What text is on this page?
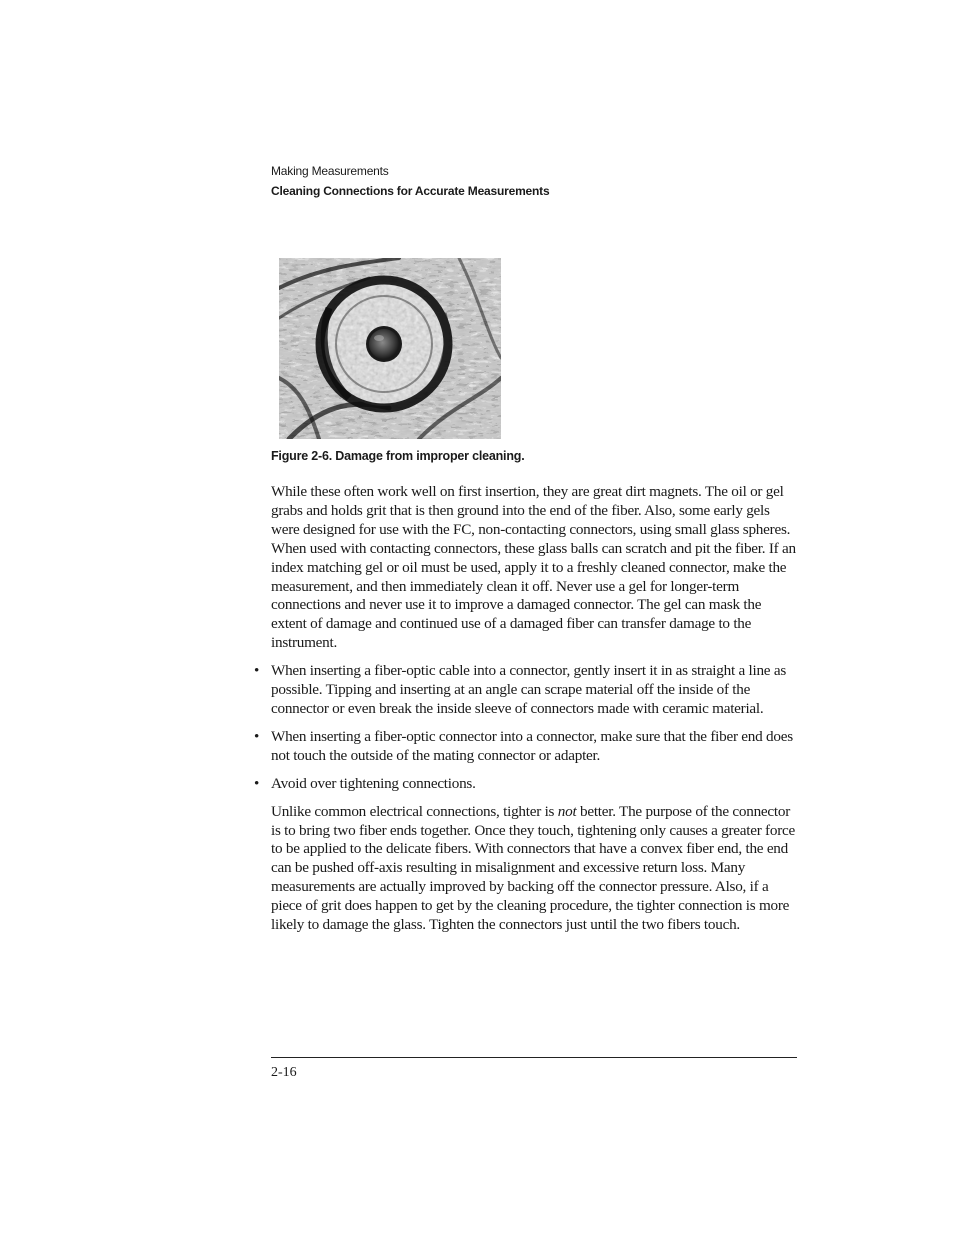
Making Measurements
Cleaning Connections for Accurate Measurements
Figure 2-6. Damage from improper cleaning.

While these often work well on first insertion, they are great dirt magnets. The oil or gel grabs and holds grit that is then ground into the end of the fiber. Also, some early gels were designed for use with the FC, non-contacting connectors, using small glass spheres. When used with contacting connectors, these glass balls can scratch and pit the fiber. If an index matching gel or oil must be used, apply it to a freshly cleaned connector, make the measurement, and then immediately clean it off. Never use a gel for longer-term connections and never use it to improve a damaged connector. The gel can mask the extent of damage and continued use of a damaged fiber can transfer damage to the instrument.

• When inserting a fiber-optic cable into a connector, gently insert it in as straight a line as possible. Tipping and inserting at an angle can scrape material off the inside of the connector or even break the inside sleeve of connectors made with ceramic material.
• When inserting a fiber-optic connector into a connector, make sure that the fiber end does not touch the outside of the mating connector or adapter.
• Avoid over tightening connections.

Unlike common electrical connections, tighter is not better. The purpose of the connector is to bring two fiber ends together. Once they touch, tightening only causes a greater force to be applied to the delicate fibers. With connectors that have a convex fiber end, the end can be pushed off-axis resulting in misalignment and excessive return loss. Many measurements are actually improved by backing off the connector pressure. Also, if a piece of grit does happen to get by the cleaning procedure, the tighter connection is more likely to damage the glass. Tighten the connectors just until the two fibers touch.

2-16
